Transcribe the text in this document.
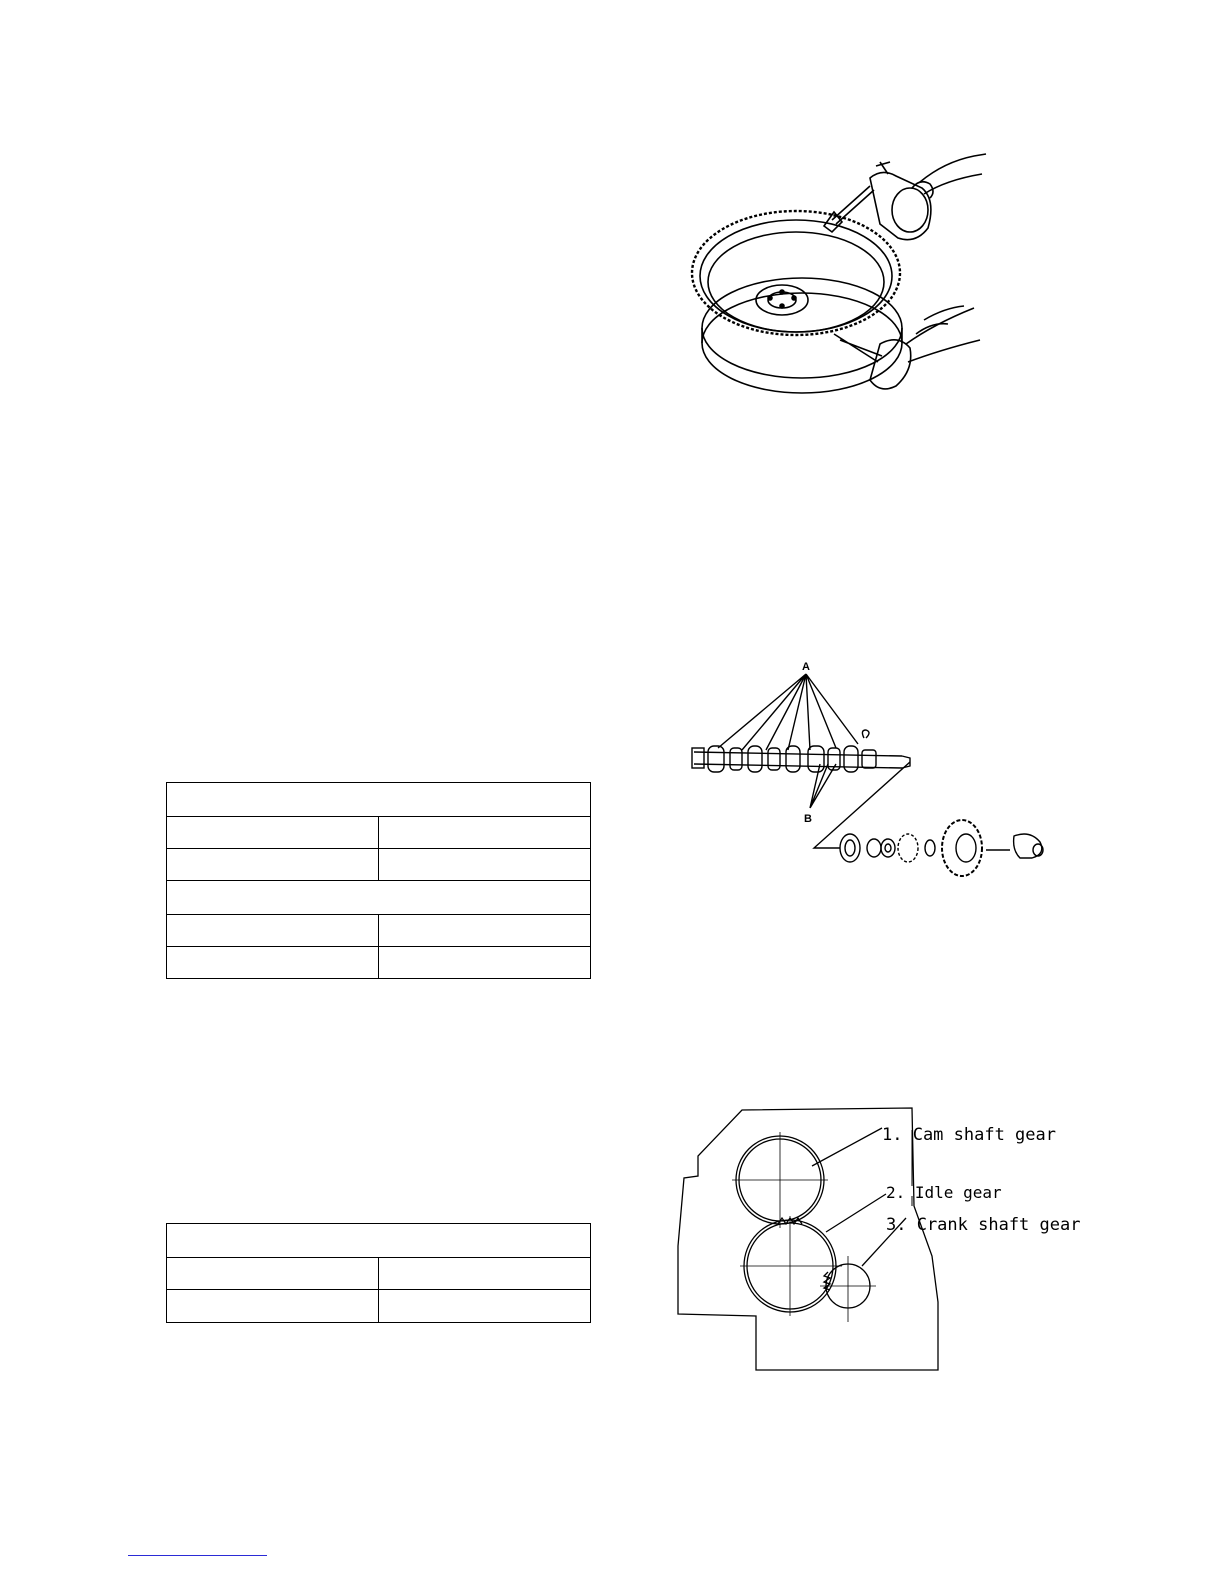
A
B
1. Cam shaft gear
2. Idle gear
3. Crank shaft gear
